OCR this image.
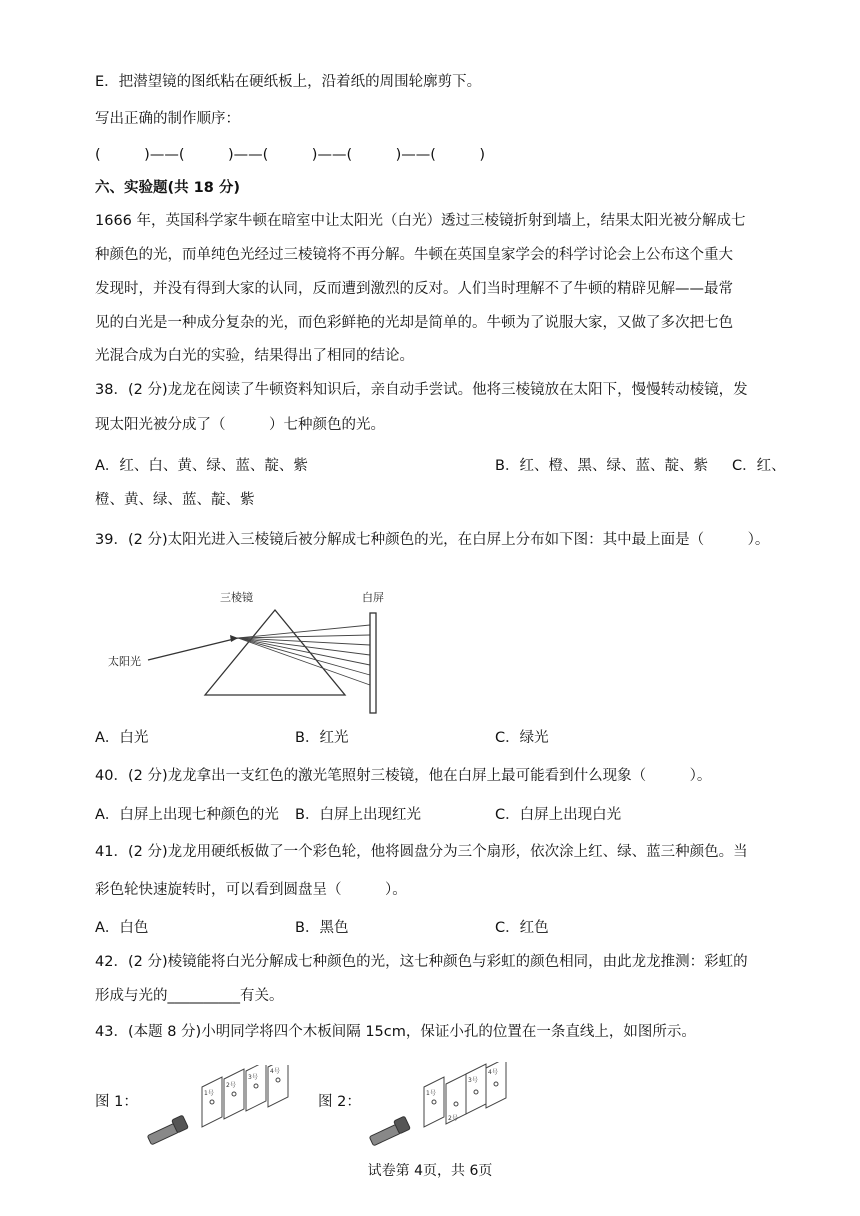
E．把潜望镜的图纸粘在硬纸板上，沿着纸的周围轮廓剪下。
写出正确的制作顺序：
(　　　)——(　　　)——(　　　)——(　　　)——(　　　)
六、实验题(共 18 分)
1666 年，英国科学家牛顿在暗室中让太阳光（白光）透过三棱镜折射到墙上，结果太阳光被分解成七
种颜色的光，而单纯色光经过三棱镜将不再分解。牛顿在英国皇家学会的科学讨论会上公布这个重大
发现时，并没有得到大家的认同，反而遭到激烈的反对。人们当时理解不了牛顿的精辟见解——最常
见的白光是一种成分复杂的光，而色彩鲜艳的光却是简单的。牛顿为了说服大家，又做了多次把七色
光混合成为白光的实验，结果得出了相同的结论。
38．(2 分)龙龙在阅读了牛顿资料知识后，亲自动手尝试。他将三棱镜放在太阳下，慢慢转动棱镜，发
现太阳光被分成了（　　　）七种颜色的光。
A．红、白、黄、绿、蓝、靛、紫	B．红、橙、黑、绿、蓝、靛、紫 C．红、
橙、黄、绿、蓝、靛、紫
39．(2 分)太阳光进入三棱镜后被分解成七种颜色的光，在白屏上分布如下图：其中最上面是（　　　）。
三棱镜	白屏
太阳光
A．白光	B．红光	C．绿光
40．(2 分)龙龙拿出一支红色的激光笔照射三棱镜，他在白屏上最可能看到什么现象（　　　）。
A．白屏上出现七种颜色的光 B．白屏上出现红光	C．白屏上出现白光
41．(2 分)龙龙用硬纸板做了一个彩色轮，他将圆盘分为三个扇形，依次涂上红、绿、蓝三种颜色。当
彩色轮快速旋转时，可以看到圆盘呈（　　　）。
A．白色	B．黑色	C．红色
42．(2 分)棱镜能将白光分解成七种颜色的光，这七种颜色与彩虹的颜色相同，由此龙龙推测：彩虹的
形成与光的__________有关。
43．(本题 8 分)小明同学将四个木板间隔 15cm，保证小孔的位置在一条直线上，如图所示。
图 1：
1号
2号
3号
4号
图 2：
1号
2号
3号
4号
试卷第 4页，共 6页
